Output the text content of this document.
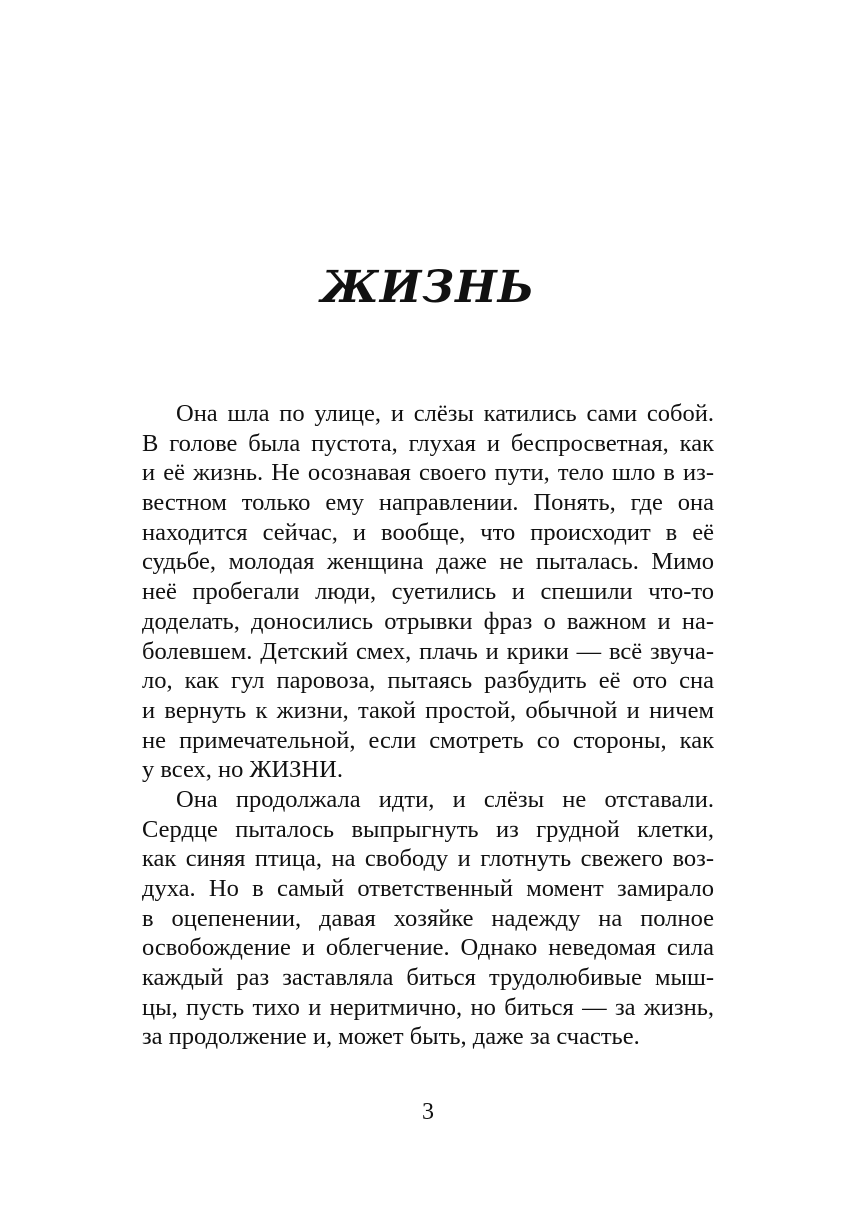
ЖИЗНЬ
Она шла по улице, и слёзы катились сами собой.
В голове была пустота, глухая и беспросветная, как
и её жизнь. Не осознавая своего пути, тело шло в из-
вестном только ему направлении. Понять, где она
находится сейчас, и вообще, что происходит в её
судьбе, молодая женщина даже не пыталась. Мимо
неё пробегали люди, суетились и спешили что-то
доделать, доносились отрывки фраз о важном и на-
болевшем. Детский смех, плачь и крики — всё звуча-
ло, как гул паровоза, пытаясь разбудить её ото сна
и вернуть к жизни, такой простой, обычной и ничем
не примечательной, если смотреть со стороны, как
у всех, но ЖИЗНИ.
Она продолжала идти, и слёзы не отставали.
Сердце пыталось выпрыгнуть из грудной клетки,
как синяя птица, на свободу и глотнуть свежего воз-
духа. Но в самый ответственный момент замирало
в оцепенении, давая хозяйке надежду на полное
освобождение и облегчение. Однако неведомая сила
каждый раз заставляла биться трудолюбивые мыш-
цы, пусть тихо и неритмично, но биться — за жизнь,
за продолжение и, может быть, даже за счастье.
3
